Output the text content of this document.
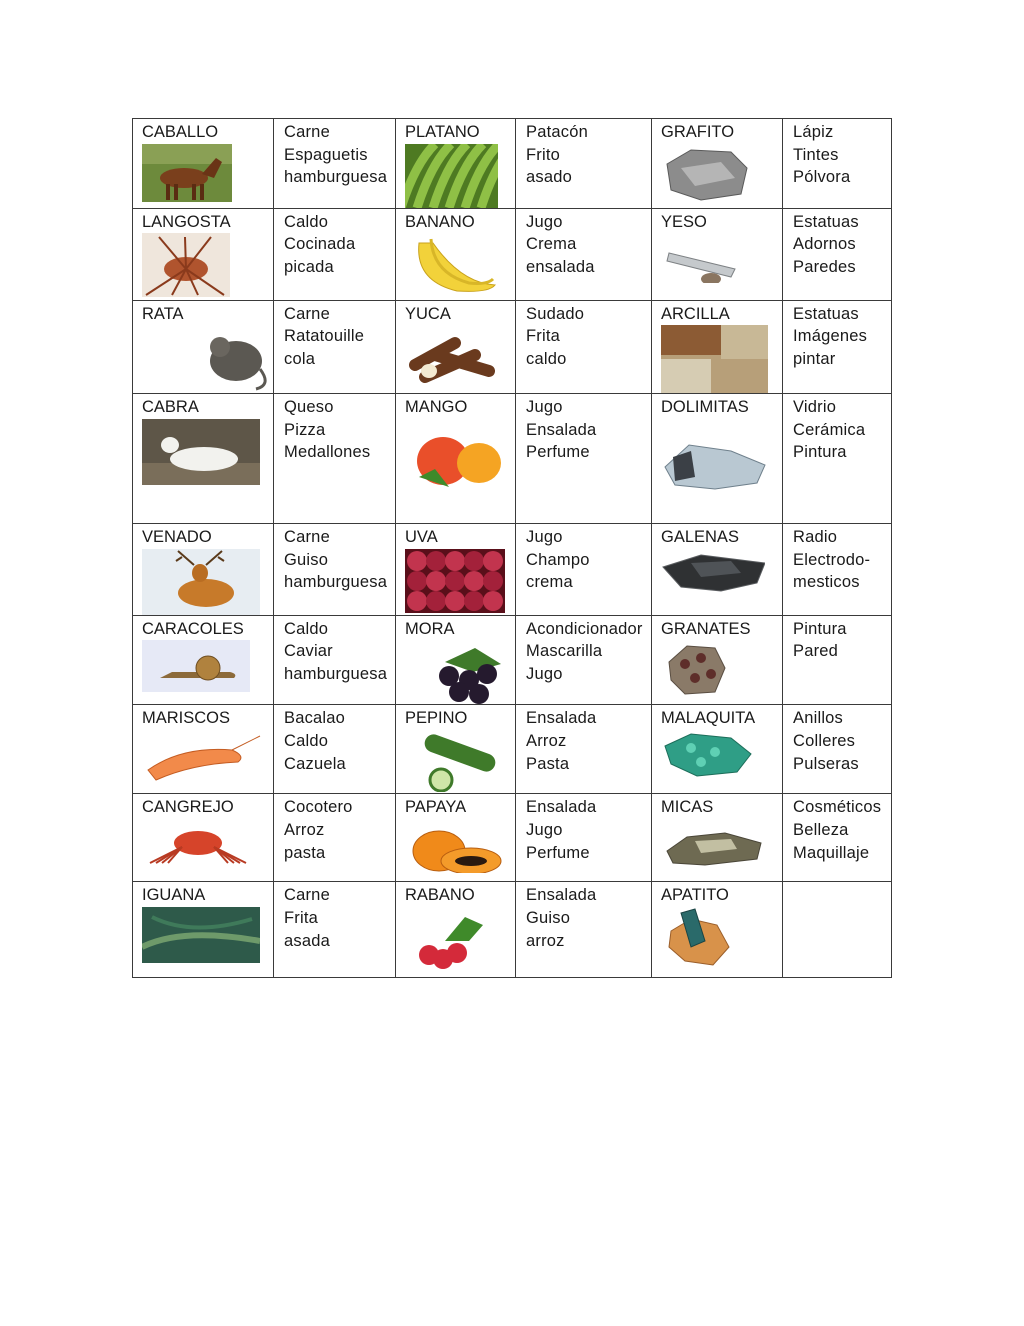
CABALLO	Carne
Espaguetis
hamburguesa	PLATANO	Patacón
Frito
asado	GRAFITO	Lápiz
Tintes
Pólvora

LANGOSTA	Caldo
Cocinada
picada	BANANO	Jugo
Crema
ensalada	YESO	Estatuas
Adornos
Paredes

RATA	Carne
Ratatouille
cola	YUCA	Sudado
Frita
caldo	ARCILLA	Estatuas
Imágenes
pintar

CABRA	Queso
Pizza
Medallones	MANGO	Jugo
Ensalada
Perfume	DOLIMITAS	Vidrio
Cerámica
Pintura

VENADO	Carne
Guiso
hamburguesa	UVA	Jugo
Champo
crema	GALENAS	Radio
Electrodo-
mesticos

CARACOLES	Caldo
Caviar
hamburguesa	MORA	Acondicionador
Mascarilla
Jugo	GRANATES	Pintura
Pared

MARISCOS	Bacalao
Caldo
Cazuela	PEPINO	Ensalada
Arroz
Pasta	MALAQUITA	Anillos
Colleres
Pulseras

CANGREJO	Cocotero
Arroz
pasta	PAPAYA	Ensalada
Jugo
Perfume	MICAS	Cosméticos
Belleza
Maquillaje

IGUANA	Carne
Frita
asada	RABANO	Ensalada
Guiso
arroz	APATITO	
